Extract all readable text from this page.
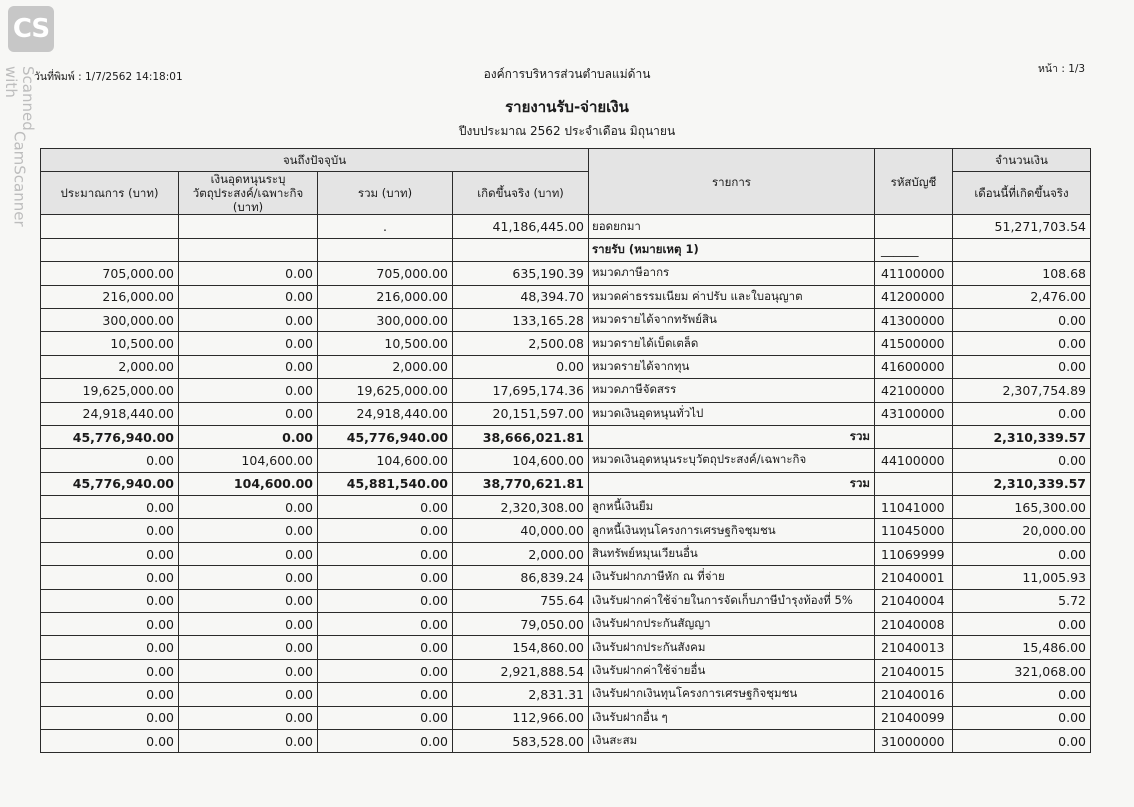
CS
Scanned with
CamScanner
วันที่พิมพ์ : 1/7/2562 14:18:01	องค์การบริหารส่วนตำบลแม่ด้าน	หน้า : 1/3
รายงานรับ-จ่ายเงิน
ปีงบประมาณ 2562 ประจำเดือน มิถุนายน
จนถึงปัจจุบัน				รายการ	รหัสบัญชี	จำนวนเงิน
ประมาณการ (บาท)	เงินอุดหนุนระบุวัตถุประสงค์/เฉพาะกิจ (บาท)	รวม (บาท)	เกิดขึ้นจริง (บาท)			เดือนนี้ที่เกิดขึ้นจริง
		.	41,186,445.00	ยอดยกมา		51,271,703.54
				รายรับ (หมายเหตุ 1)	______	
705,000.00	0.00	705,000.00	635,190.39	หมวดภาษีอากร	41100000	108.68
216,000.00	0.00	216,000.00	48,394.70	หมวดค่าธรรมเนียม ค่าปรับ และใบอนุญาต	41200000	2,476.00
300,000.00	0.00	300,000.00	133,165.28	หมวดรายได้จากทรัพย์สิน	41300000	0.00
10,500.00	0.00	10,500.00	2,500.08	หมวดรายได้เบ็ดเตล็ด	41500000	0.00
2,000.00	0.00	2,000.00	0.00	หมวดรายได้จากทุน	41600000	0.00
19,625,000.00	0.00	19,625,000.00	17,695,174.36	หมวดภาษีจัดสรร	42100000	2,307,754.89
24,918,440.00	0.00	24,918,440.00	20,151,597.00	หมวดเงินอุดหนุนทั่วไป	43100000	0.00
45,776,940.00	0.00	45,776,940.00	38,666,021.81	รวม		2,310,339.57
0.00	104,600.00	104,600.00	104,600.00	หมวดเงินอุดหนุนระบุวัตถุประสงค์/เฉพาะกิจ	44100000	0.00
45,776,940.00	104,600.00	45,881,540.00	38,770,621.81	รวม		2,310,339.57
0.00	0.00	0.00	2,320,308.00	ลูกหนี้เงินยืม	11041000	165,300.00
0.00	0.00	0.00	40,000.00	ลูกหนี้เงินทุนโครงการเศรษฐกิจชุมชน	11045000	20,000.00
0.00	0.00	0.00	2,000.00	สินทรัพย์หมุนเวียนอื่น	11069999	0.00
0.00	0.00	0.00	86,839.24	เงินรับฝากภาษีหัก ณ ที่จ่าย	21040001	11,005.93
0.00	0.00	0.00	755.64	เงินรับฝากค่าใช้จ่ายในการจัดเก็บภาษีบำรุงท้องที่ 5%	21040004	5.72
0.00	0.00	0.00	79,050.00	เงินรับฝากประกันสัญญา	21040008	0.00
0.00	0.00	0.00	154,860.00	เงินรับฝากประกันสังคม	21040013	15,486.00
0.00	0.00	0.00	2,921,888.54	เงินรับฝากค่าใช้จ่ายอื่น	21040015	321,068.00
0.00	0.00	0.00	2,831.31	เงินรับฝากเงินทุนโครงการเศรษฐกิจชุมชน	21040016	0.00
0.00	0.00	0.00	112,966.00	เงินรับฝากอื่น ๆ	21040099	0.00
0.00	0.00	0.00	583,528.00	เงินสะสม	31000000	0.00
